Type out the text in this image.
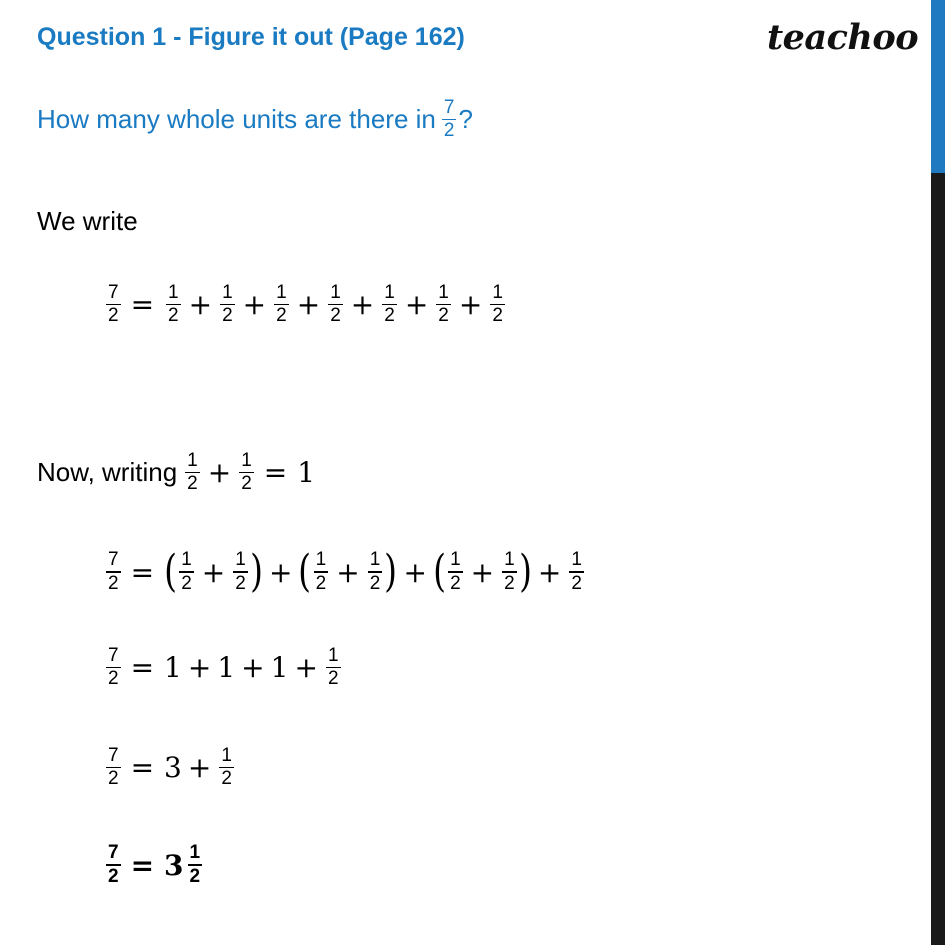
Question 1 - Figure it out (Page 162)	teachoo
How many whole units are there in $\frac{7}{2}$ ?
We write
$\frac{7}{2} = \frac{1}{2} + \frac{1}{2} + \frac{1}{2} + \frac{1}{2} + \frac{1}{2} + \frac{1}{2} + \frac{1}{2}$
Now, writing $\frac{1}{2} + \frac{1}{2} = 1$
$\frac{7}{2}$ = ( $\frac{1}{2} + \frac{1}{2}$ ) + ( $\frac{1}{2} + \frac{1}{2}$ ) + ( $\frac{1}{2} + \frac{1}{2}$ ) + $\frac{1}{2}$
$\frac{7}{2} = 1 + 1 + 1 + \frac{1}{2}$
$\frac{7}{2} = 3 + \frac{1}{2}$
$\frac{7}{2} = 3 \frac{1}{2}$
